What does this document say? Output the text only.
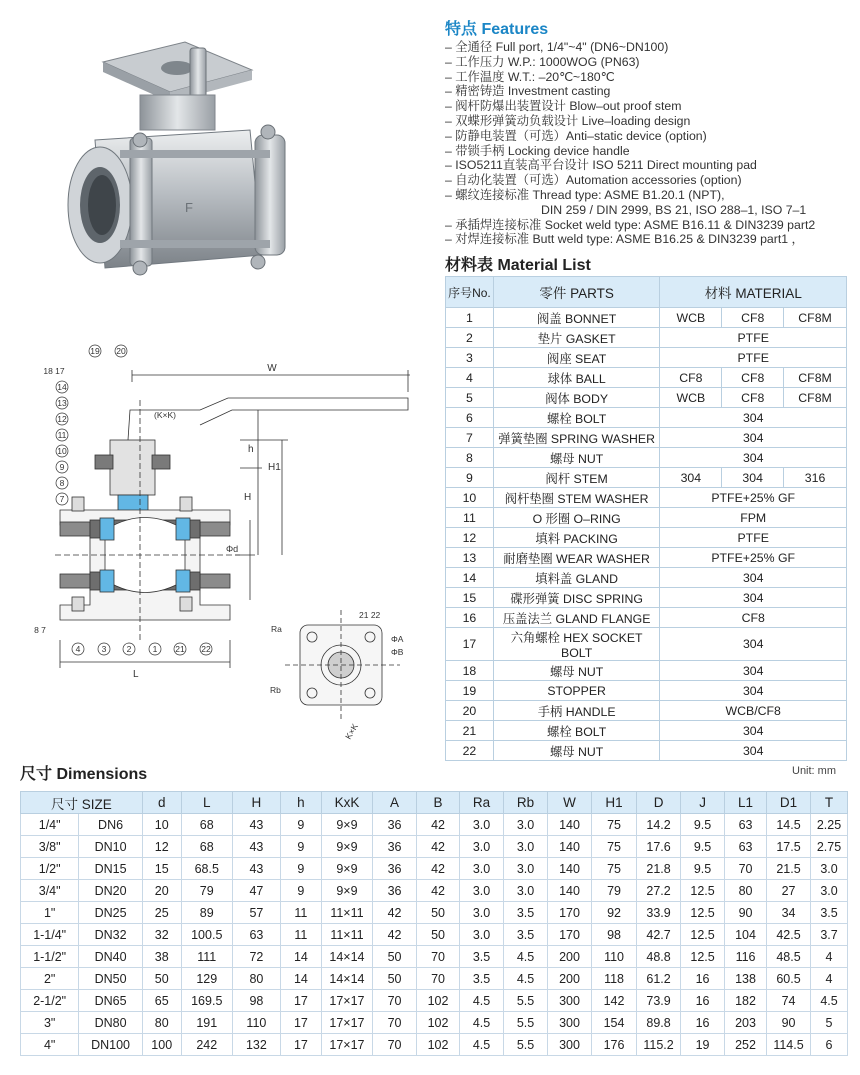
F
19 20
18 17
14
13
12
11
10
9
8
7
8 7
4	3 2	1 21 22
W
(K×K)
h
H1
H
Φd
L
Ra
Rb
ΦA
ΦB
21 22
K×K
特点 Features
– 全通径 Full port, 1/4"~4" (DN6~DN100)
– 工作压力 W.P.: 1000WOG (PN63)
– 工作温度 W.T.: –20℃~180℃
– 精密铸造 Investment casting
– 阀杆防爆出装置设计 Blow–out proof stem
– 双蝶形弹簧动负载设计 Live–loading design
– 防静电装置（可选）Anti–static device (option)
– 带锁手柄 Locking device handle
– ISO5211直装高平台设计 ISO 5211 Direct mounting pad
– 自动化装置（可选）Automation accessories (option)
– 螺纹连接标准 Thread type: ASME B1.20.1 (NPT),
DIN 259 / DIN 2999, BS 21, ISO 288–1, ISO 7–1
– 承插焊连接标准 Socket weld type: ASME B16.11 & DIN3239 part2
– 对焊连接标准 Butt weld type: ASME B16.25 & DIN3239 part1 ，
材料表 Material List
序号No.	零件 PARTS	材料 MATERIAL		
1	阀盖 BONNET	WCB	CF8	CF8M
2	垫片 GASKET	PTFE		
3	阀座 SEAT	PTFE		
4	球体 BALL	CF8	CF8	CF8M
5	阀体 BODY	WCB	CF8	CF8M
6	螺栓 BOLT	304		
7	弹簧垫圈 SPRING WASHER	304		
8	螺母 NUT	304		
9	阀杆 STEM	304	304	316
10	阀杆垫圈 STEM WASHER	PTFE+25% GF		
11	O 形圈 O–RING	FPM		
12	填料 PACKING	PTFE		
13	耐磨垫圈 WEAR WASHER	PTFE+25% GF		
14	填料盖 GLAND	304		
15	碟形弹簧 DISC SPRING	304		
16	压盖法兰 GLAND FLANGE	CF8		
17	六角螺栓 HEX SOCKET BOLT	304		
18	螺母 NUT	304		
19	STOPPER	304		
20	手柄 HANDLE	WCB/CF8		
21	螺栓 BOLT	304		
22	螺母 NUT	304		
尺寸 Dimensions	Unit: mm
尺寸 SIZE		d	L	H	h	KxK	A	B	Ra	Rb	W	H1	D	J	L1	D1	T
1/4"	DN6	10	68	43	9	9×9	36	42	3.0	3.0	140	75	14.2	9.5	63	14.5	2.25
3/8"	DN10	12	68	43	9	9×9	36	42	3.0	3.0	140	75	17.6	9.5	63	17.5	2.75
1/2"	DN15	15	68.5	43	9	9×9	36	42	3.0	3.0	140	75	21.8	9.5	70	21.5	3.0
3/4"	DN20	20	79	47	9	9×9	36	42	3.0	3.0	140	79	27.2	12.5	80	27	3.0
1"	DN25	25	89	57	11	11×11	42	50	3.0	3.5	170	92	33.9	12.5	90	34	3.5
1-1/4"	DN32	32	100.5	63	11	11×11	42	50	3.0	3.5	170	98	42.7	12.5	104	42.5	3.7
1-1/2"	DN40	38	111	72	14	14×14	50	70	3.5	4.5	200	110	48.8	12.5	116	48.5	4
2"	DN50	50	129	80	14	14×14	50	70	3.5	4.5	200	118	61.2	16	138	60.5	4
2-1/2"	DN65	65	169.5	98	17	17×17	70	102	4.5	5.5	300	142	73.9	16	182	74	4.5
3"	DN80	80	191	110	17	17×17	70	102	4.5	5.5	300	154	89.8	16	203	90	5
4"	DN100	100	242	132	17	17×17	70	102	4.5	5.5	300	176	115.2	19	252	114.5	6
